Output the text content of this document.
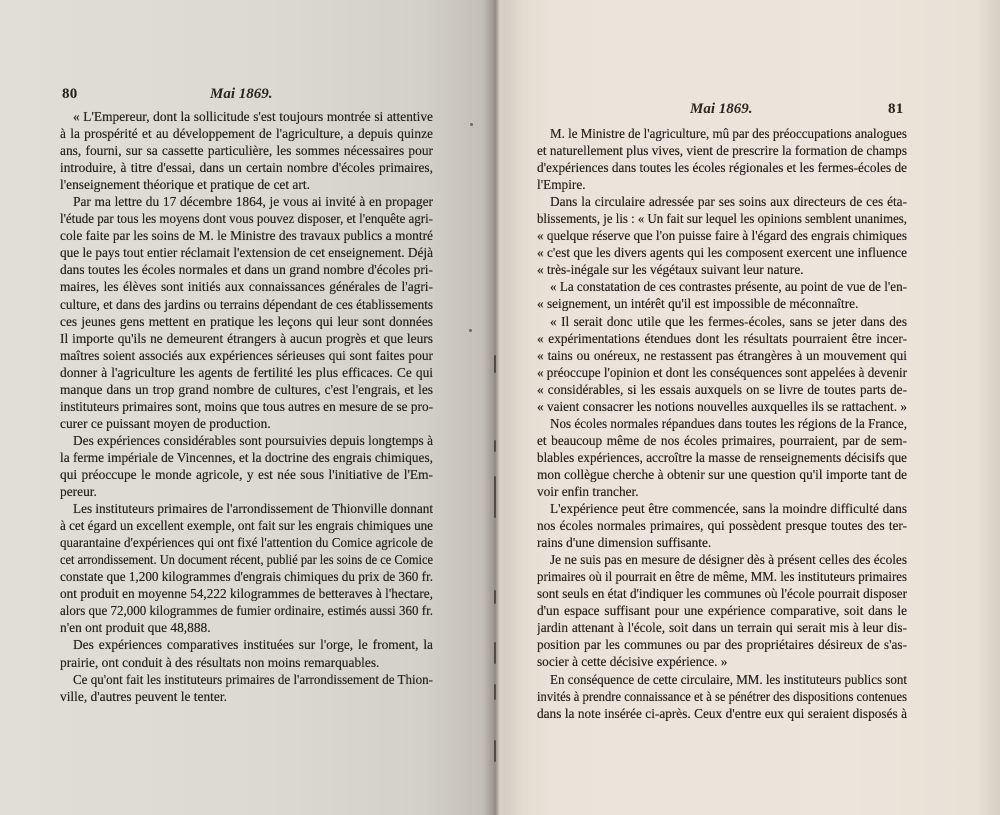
80	Mai 1869.
« L'Empereur, dont la sollicitude s'est toujours montrée si attentive
à la prospérité et au développement de l'agriculture, a depuis quinze
ans, fourni, sur sa cassette particulière, les sommes nécessaires pour
introduire, à titre d'essai, dans un certain nombre d'écoles primaires,
l'enseignement théorique et pratique de cet art.
Par ma lettre du 17 décembre 1864, je vous ai invité à en propager
l'étude par tous les moyens dont vous pouvez disposer, et l'enquête agri-
cole faite par les soins de M. le Ministre des travaux publics a montré
que le pays tout entier réclamait l'extension de cet enseignement. Déjà
dans toutes les écoles normales et dans un grand nombre d'écoles pri-
maires, les élèves sont initiés aux connaissances générales de l'agri-
culture, et dans des jardins ou terrains dépendant de ces établissements
ces jeunes gens mettent en pratique les leçons qui leur sont données
Il importe qu'ils ne demeurent étrangers à aucun progrès et que leurs
maîtres soient associés aux expériences sérieuses qui sont faites pour
donner à l'agriculture les agents de fertilité les plus efficaces. Ce qui
manque dans un trop grand nombre de cultures, c'est l'engrais, et les
instituteurs primaires sont, moins que tous autres en mesure de se pro-
curer ce puissant moyen de production.
Des expériences considérables sont poursuivies depuis longtemps à
la ferme impériale de Vincennes, et la doctrine des engrais chimiques,
qui préoccupe le monde agricole, y est née sous l'initiative de l'Em-
pereur.
Les instituteurs primaires de l'arrondissement de Thionville donnant
à cet égard un excellent exemple, ont fait sur les engrais chimiques une
quarantaine d'expériences qui ont fixé l'attention du Comice agricole de
cet arrondissement. Un document récent, publié par les soins de ce Comice
constate que 1,200 kilogrammes d'engrais chimiques du prix de 360 fr.
ont produit en moyenne 54,222 kilogrammes de betteraves à l'hectare,
alors que 72,000 kilogrammes de fumier ordinaire, estimés aussi 360 fr.
n'en ont produit que 48,888.
Des expériences comparatives instituées sur l'orge, le froment, la
prairie, ont conduit à des résultats non moins remarquables.
Ce qu'ont fait les instituteurs primaires de l'arrondissement de Thion-
ville, d'autres peuvent le tenter.
Mai 1869.	81
M. le Ministre de l'agriculture, mû par des préoccupations analogues
et naturellement plus vives, vient de prescrire la formation de champs
d'expériences dans toutes les écoles régionales et les fermes-écoles de
l'Empire.
Dans la circulaire adressée par ses soins aux directeurs de ces éta-
blissements, je lis : « Un fait sur lequel les opinions semblent unanimes,
« quelque réserve que l'on puisse faire à l'égard des engrais chimiques
« c'est que les divers agents qui les composent exercent une influence
« très-inégale sur les végétaux suivant leur nature.
« La constatation de ces contrastes présente, au point de vue de l'en-
« seignement, un intérêt qu'il est impossible de méconnaître.
« Il serait donc utile que les fermes-écoles, sans se jeter dans des
« expérimentations étendues dont les résultats pourraient être incer-
« tains ou onéreux, ne restassent pas étrangères à un mouvement qui
« préoccupe l'opinion et dont les conséquences sont appelées à devenir
« considérables, si les essais auxquels on se livre de toutes parts de-
« vaient consacrer les notions nouvelles auxquelles ils se rattachent. »
Nos écoles normales répandues dans toutes les régions de la France,
et beaucoup même de nos écoles primaires, pourraient, par de sem-
blables expériences, accroître la masse de renseignements décisifs que
mon collègue cherche à obtenir sur une question qu'il importe tant de
voir enfin trancher.
L'expérience peut être commencée, sans la moindre difficulté dans
nos écoles normales primaires, qui possèdent presque toutes des ter-
rains d'une dimension suffisante.
Je ne suis pas en mesure de désigner dès à présent celles des écoles
primaires où il pourrait en être de même, MM. les instituteurs primaires
sont seuls en état d'indiquer les communes où l'école pourrait disposer
d'un espace suffisant pour une expérience comparative, soit dans le
jardin attenant à l'école, soit dans un terrain qui serait mis à leur dis-
position par les communes ou par des propriétaires désireux de s'as-
socier à cette décisive expérience. »
En conséquence de cette circulaire, MM. les instituteurs publics sont
invités à prendre connaissance et à se pénétrer des dispositions contenues
dans la note insérée ci-après. Ceux d'entre eux qui seraient disposés à
